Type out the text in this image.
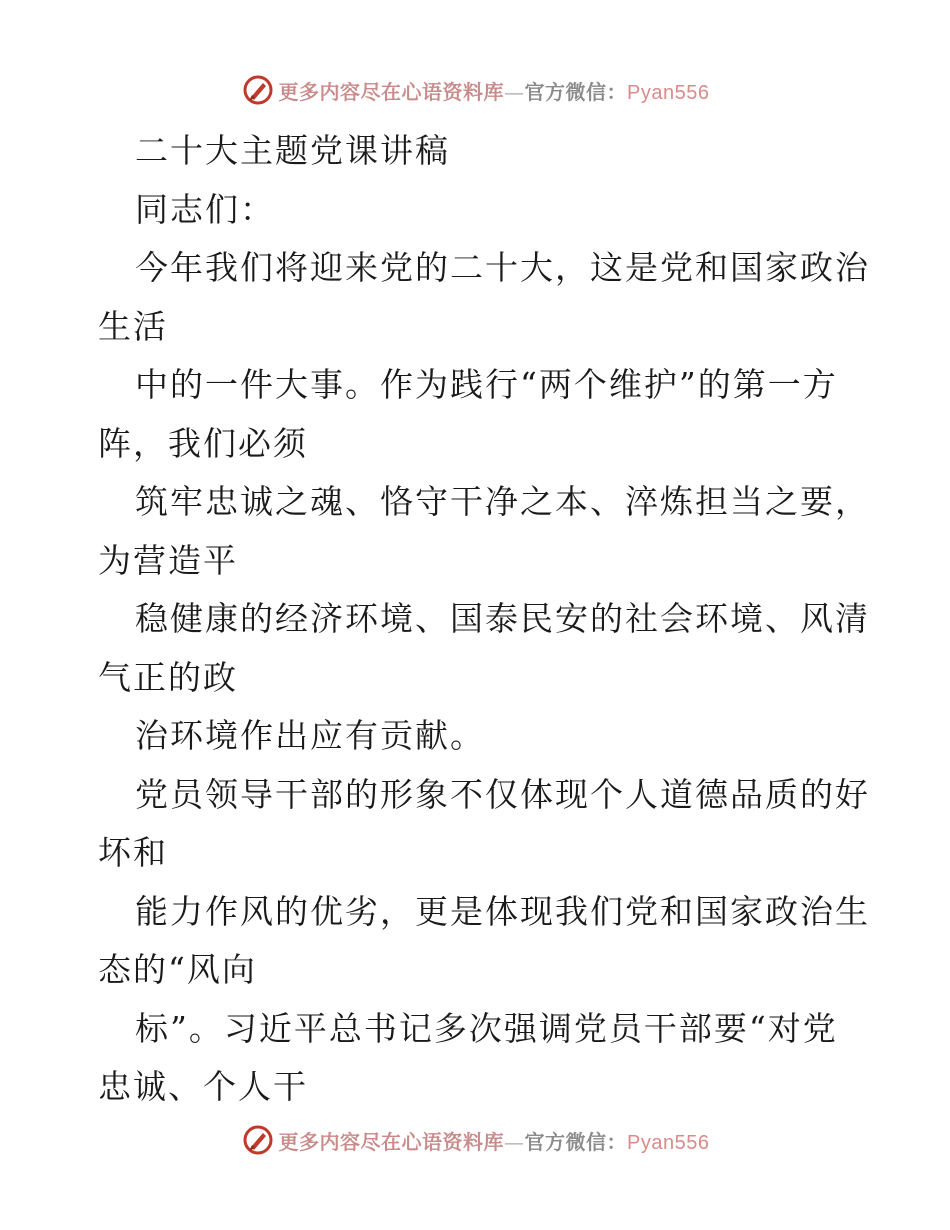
更多内容尽在心语资料库—官方微信：Pyan556
二十大主题党课讲稿
同志们：
今年我们将迎来党的二十大，这是党和国家政治
生活
中的一件大事。作为践行“两个维护”的第一方
阵，我们必须
筑牢忠诚之魂、恪守干净之本、淬炼担当之要，
为营造平
稳健康的经济环境、国泰民安的社会环境、风清
气正的政
治环境作出应有贡献。
党员领导干部的形象不仅体现个人道德品质的好
坏和
能力作风的优劣，更是体现我们党和国家政治生
态的“风向
标”。习近平总书记多次强调党员干部要“对党
忠诚、个人干
更多内容尽在心语资料库—官方微信：Pyan556
